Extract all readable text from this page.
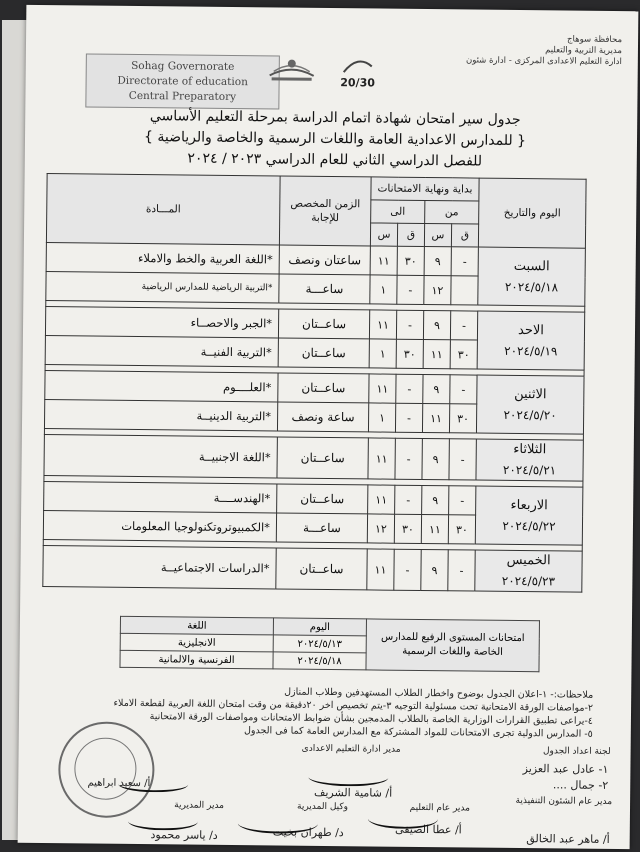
Sohag Governorate
Directorate of education
Central Preparatory
20/30
محافظة سوهاج
مديرية التربية والتعليم
ادارة التعليم الاعدادى المركزى - ادارة شئون
جدول سير امتحان شهادة اتمام الدراسة بمرحلة التعليم الأساسي
{ للمدارس الاعدادية العامة واللغات الرسمية والخاصة والرياضية }
للفصل الدراسي الثاني للعام الدراسي ٢٠٢٣ / ٢٠٢٤
اليوم والتاريخ	بداية ونهاية الامتحانات				الزمن المخصص للإجابة	المـــادة
	من		الى			
	ق	س	ق	س		

السبت
٢٠٢٤/٥/١٨	-	٩	٣٠	١١	ساعتان ونصف	*اللغة العربية والخط والاملاء
		١٢	-	١	ساعـــة	*التربية الرياضية للمدارس الرياضية

الاحد
٢٠٢٤/٥/١٩	-	٩	-	١١	ساعــتان	*الجبر والاحصــاء
	٣٠	١١	٣٠	١	ساعــتان	*التربية الفنيــة

الاثنين
٢٠٢٤/٥/٢٠	-	٩	-	١١	ساعــتان	*العلــــوم
	٣٠	١١	-	١	ساعة ونصف	*التربية الدينيــة

الثلاثاء
٢٠٢٤/٥/٢١	-	٩	-	١١	ساعــتان	*اللغة الاجنبيــة

الاربعاء
٢٠٢٤/٥/٢٢	-	٩	-	١١	ساعــتان	*الهندســــة
	٣٠	١١	٣٠	١٢	ساعـــة	*الكمبيوتروتكنولوجيا المعلومات

الخميس
٢٠٢٤/٥/٢٣	-	٩	-	١١	ساعــتان	*الدراسات الاجتماعيــة
امتحانات المستوى الرفيع للمدارس الخاصة واللغات الرسمية	اليوم	اللغة
	٢٠٢٤/٥/١٣	الانجليزية
	٢٠٢٤/٥/١٨	الفرنسية والالمانية
ملاحظات:- ١-اعلان الجدول بوضوح واخطار الطلاب المستهدفين وطلاب المنازل
٢-مواصفات الورقة الامتحانية تحت مسئولية التوجيه ٣-يتم تخصيص اخر ٢٠دقيقة من وقت امتحان اللغة العربية لقطعة الاملاء
٤-يراعى تطبيق القرارات الوزارية الخاصة بالطلاب المدمجين بشأن ضوابط الامتحانات ومواصفات الورقة الامتحانية
٥- المدارس الدولية تجرى الامتحانات للمواد المشتركة مع المدارس العامة كما فى الجدول
لجنة اعداد الجدول
١- عادل عبد العزيز
٢- جمال ....
مدير ادارة التعليم الاعدادى
أ/ شامية الشريف
مدير عام الشئون التنفيذية
أ/ ماهر عبد الخالق
مدير عام التعليم
أ/ عطا الصيفى
وكيل المديرية
د/ طهران بخيت
مدير المديرية
د/ ياسر محمود
أ/ سعيد ابراهيم
